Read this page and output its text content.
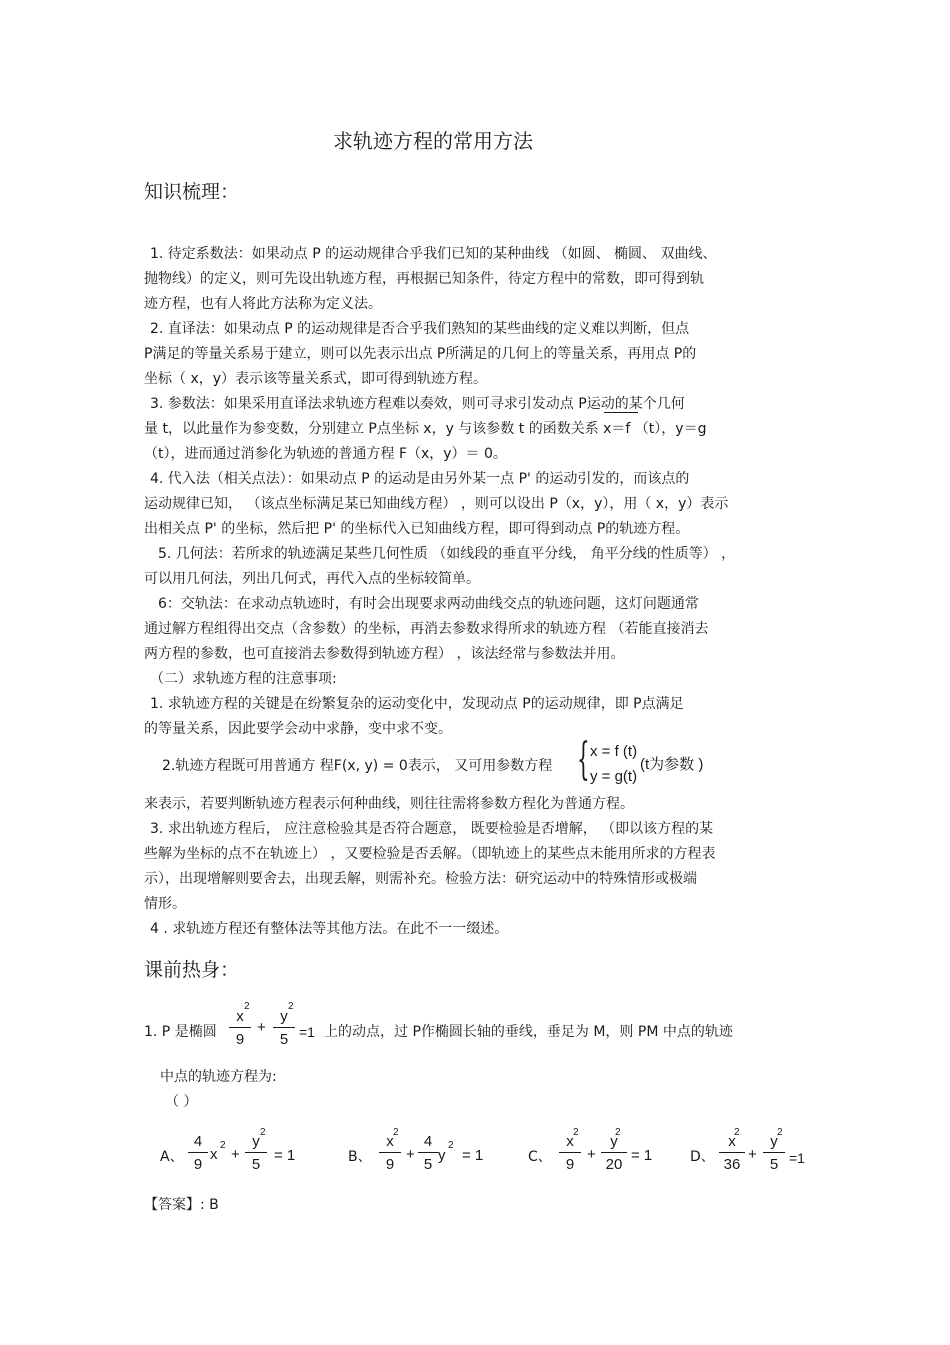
求轨迹方程的常用方法
知识梳理：
1. 待定系数法：如果动点 P 的运动规律合乎我们已知的某种曲线 （如圆、 椭圆、 双曲线、
抛物线）的定义，则可先设出轨迹方程，再根据已知条件，待定方程中的常数，即可得到轨
迹方程，也有人将此方法称为定义法。
2. 直译法：如果动点 P 的运动规律是否合乎我们熟知的某些曲线的定义难以判断，但点
P满足的等量关系易于建立，则可以先表示出点 P所满足的几何上的等量关系，再用点 P的
坐标（ x，y）表示该等量关系式，即可得到轨迹方程。
3. 参数法：如果采用直译法求轨迹方程难以奏效，则可寻求引发动点 P运动的某个几何
量 t，以此量作为参变数，分别建立 P点坐标 x，y 与该参数 t 的函数关系 x＝f （t），y＝g
（t），进而通过消参化为轨迹的普通方程 F（x，y）＝ 0。
4. 代入法（相关点法）：如果动点 P 的运动是由另外某一点 P' 的运动引发的，而该点的
运动规律已知， （该点坐标满足某已知曲线方程） ，则可以设出 P（x，y），用（ x，y）表示
出相关点 P' 的坐标，然后把 P' 的坐标代入已知曲线方程，即可得到动点 P的轨迹方程。
5. 几何法：若所求的轨迹满足某些几何性质 （如线段的垂直平分线， 角平分线的性质等） ，
可以用几何法，列出几何式，再代入点的坐标较简单。
6：交轨法：在求动点轨迹时，有时会出现要求两动曲线交点的轨迹问题，这灯问题通常
通过解方程组得出交点（含参数）的坐标，再消去参数求得所求的轨迹方程 （若能直接消去
两方程的参数，也可直接消去参数得到轨迹方程） ，该法经常与参数法并用。
（二）求轨迹方程的注意事项:
1. 求轨迹方程的关键是在纷繁复杂的运动变化中，发现动点 P的运动规律，即 P点满足
的等量关系，因此要学会动中求静，变中求不变。
2.轨迹方程既可用普通方 程F(x, y) = 0表示， 又可用参数方程 { x = f (t)
y = g(t)
(t为参数 )
来表示，若要判断轨迹方程表示何种曲线，则往往需将参数方程化为普通方程。
3. 求出轨迹方程后， 应注意检验其是否符合题意， 既要检验是否增解， （即以该方程的某
些解为坐标的点不在轨迹上） ，又要检验是否丢解。（即轨迹上的某些点未能用所求的方程表
示），出现增解则要舍去，出现丢解，则需补充。检验方法：研究运动中的特殊情形或极端
情形。
4 . 求轨迹方程还有整体法等其他方法。在此不一一缀述。
课前热身：
1. P 是椭圆 $\frac{x}{9}$
2
+ $\frac{y}{5}$
2
=1 上的动点，过 P作椭圆长轴的垂线，垂足为 M，则 PM 中点的轨迹
中点的轨迹方程为:
（ ）
A、 $\frac{4}{9}$ x
2
+ $\frac{y}{5}$
2
= 1	B、 $\frac{x}{9}$
2
+ $\frac{4}{5}$ y
2
= 1	C、 $\frac{x}{9}$
2
+ $\frac{y}{20}$
2
= 1	D、 $\frac{x}{36}$
2
+ $\frac{y}{5}$
2
=1
【答案】: B
